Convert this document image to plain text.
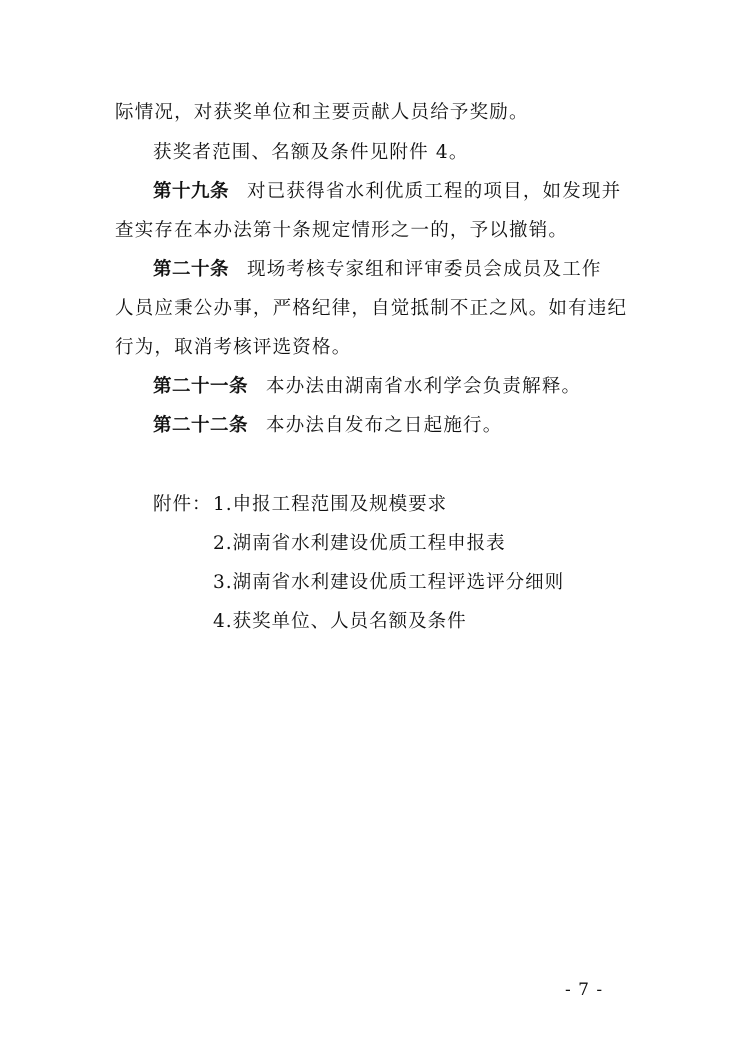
际情况，对获奖单位和主要贡献人员给予奖励。
获奖者范围、名额及条件见附件 4。
第十九条 对已获得省水利优质工程的项目，如发现并
查实存在本办法第十条规定情形之一的，予以撤销。
第二十条 现场考核专家组和评审委员会成员及工作
人员应秉公办事，严格纪律，自觉抵制不正之风。如有违纪
行为，取消考核评选资格。
第二十一条 本办法由湖南省水利学会负责解释。
第二十二条 本办法自发布之日起施行。
附件： 1.申报工程范围及规模要求
2.湖南省水利建设优质工程申报表
3.湖南省水利建设优质工程评选评分细则
4.获奖单位、人员名额及条件
- 7 -
